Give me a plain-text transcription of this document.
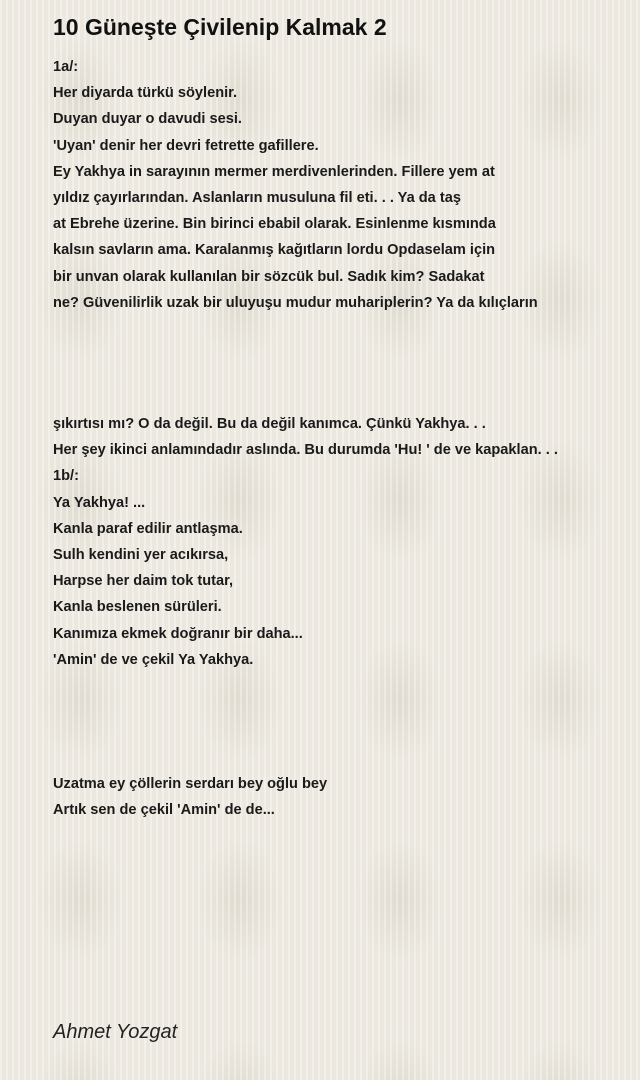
10 Güneşte Çivilenip Kalmak 2
1a/:
Her diyarda türkü söylenir.
Duyan duyar o davudi sesi.
'Uyan' denir her devri fetrette gafillere.
Ey Yakhya in sarayının mermer merdivenlerinden. Fillere yem at
yıldız çayırlarından. Aslanların musuluna fil eti. . . Ya da taş
at Ebrehe üzerine. Bin birinci ebabil olarak. Esinlenme kısmında
kalsın savların ama. Karalanmış kağıtların lordu Opdaselam için
bir unvan olarak kullanılan bir sözcük bul. Sadık kim? Sadakat
ne? Güvenilirlik uzak bir uluyuşu mudur muhariplerin? Ya da kılıçların
şıkırtısı mı? O da değil. Bu da değil kanımca. Çünkü Yakhya. . .
Her şey ikinci anlamındadır aslında. Bu durumda 'Hu! ' de ve kapaklan. . .
1b/:
Ya Yakhya! ...
Kanla paraf edilir antlaşma.
Sulh kendini yer acıkırsa,
Harpse her daim tok tutar,
Kanla beslenen sürüleri.
Kanımıza ekmek doğranır bir daha...
'Amin' de ve çekil Ya Yakhya.
Uzatma ey çöllerin serdarı bey oğlu bey
Artık sen de çekil 'Amin' de de...
Ahmet Yozgat
